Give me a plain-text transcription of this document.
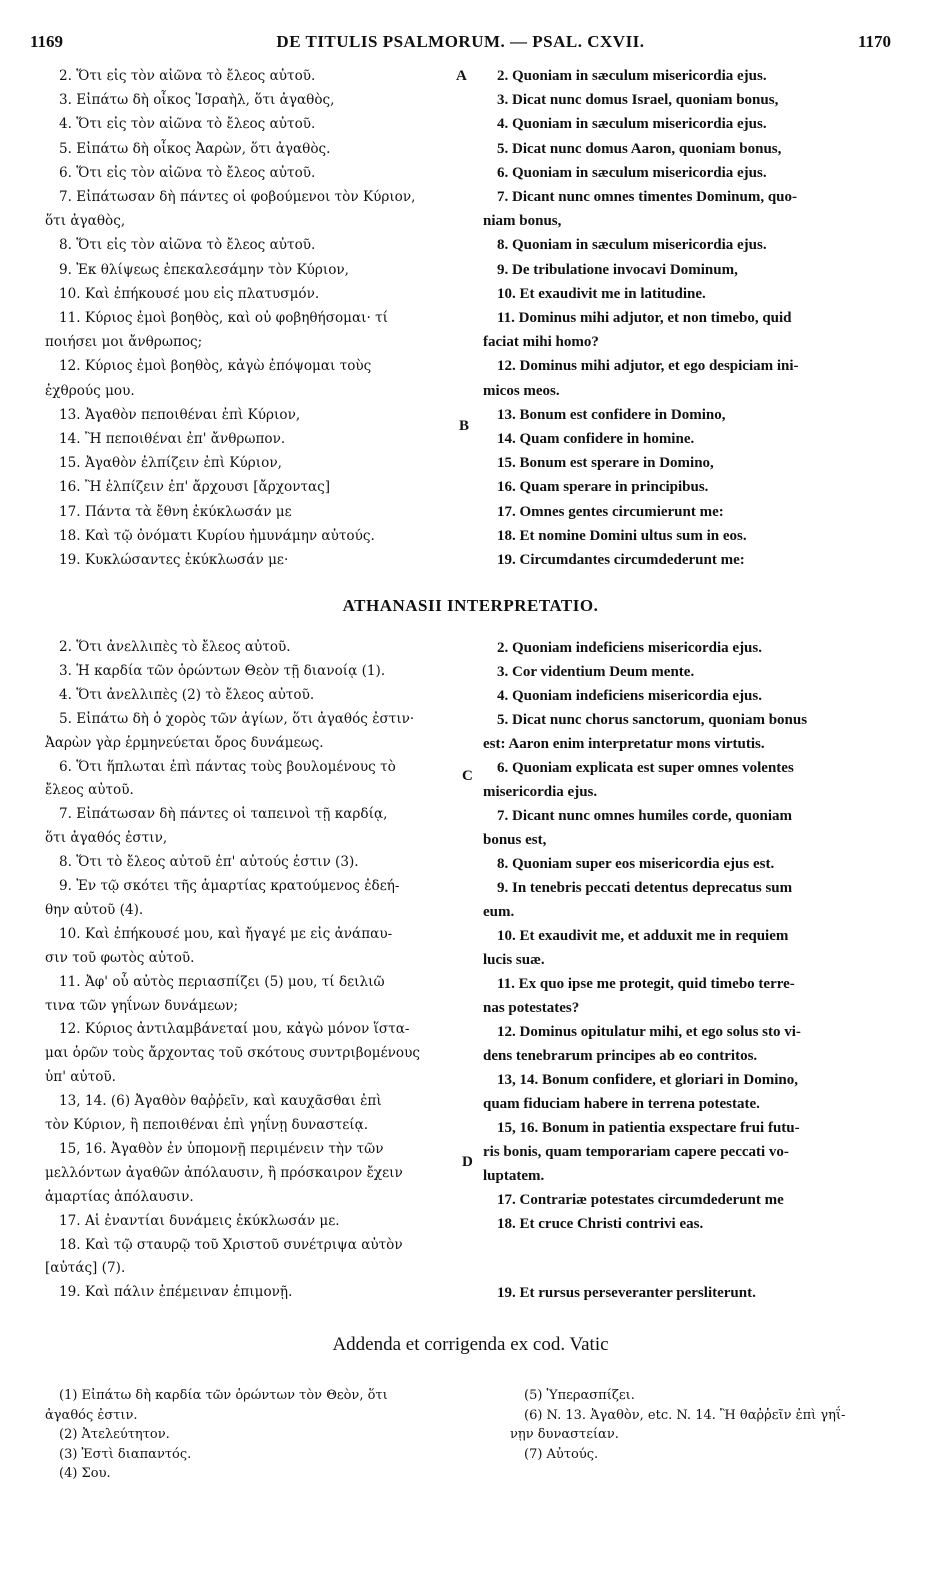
1169	DE TITULIS PSALMORUM. — PSAL. CXVII.	1170
A
B
C
D
2. Ὅτι εἰς τὸν αἰῶνα τὸ ἔλεος αὐτοῦ.
3. Εἰπάτω δὴ οἶκος Ἰσραὴλ, ὅτι ἀγαθὸς,
4. Ὅτι εἰς τὸν αἰῶνα τὸ ἔλεος αὐτοῦ.
5. Εἰπάτω δὴ οἶκος Ἀαρὼν, ὅτι ἀγαθὸς.
6. Ὅτι εἰς τὸν αἰῶνα τὸ ἔλεος αὐτοῦ.
7. Εἰπάτωσαν δὴ πάντες οἱ φοβούμενοι τὸν Κύριον,
ὅτι ἀγαθὸς,
8. Ὅτι εἰς τὸν αἰῶνα τὸ ἔλεος αὐτοῦ.
9. Ἐκ θλίψεως ἐπεκαλεσάμην τὸν Κύριον,
10. Καὶ ἐπήκουσέ μου εἰς πλατυσμόν.
11. Κύριος ἐμοὶ βοηθὸς, καὶ οὐ φοβηθήσομαι· τί
ποιήσει μοι ἄνθρωπος;
12. Κύριος ἐμοὶ βοηθὸς, κἀγὼ ἐπόψομαι τοὺς
ἐχθρούς μου.
13. Ἀγαθὸν πεποιθέναι ἐπὶ Κύριον,
14. Ἢ πεποιθέναι ἐπ' ἄνθρωπον.
15. Ἀγαθὸν ἐλπίζειν ἐπὶ Κύριον,
16. Ἢ ἐλπίζειν ἐπ' ἄρχουσι [ἄρχοντας]
17. Πάντα τὰ ἔθνη ἐκύκλωσάν με
18. Καὶ τῷ ὀνόματι Κυρίου ἠμυνάμην αὐτούς.
19. Κυκλώσαντες ἐκύκλωσάν με·
2. Quoniam in sæculum misericordia ejus.
3. Dicat nunc domus Israel, quoniam bonus,
4. Quoniam in sæculum misericordia ejus.
5. Dicat nunc domus Aaron, quoniam bonus,
6. Quoniam in sæculum misericordia ejus.
7. Dicant nunc omnes timentes Dominum, quo-
niam bonus,
8. Quoniam in sæculum misericordia ejus.
9. De tribulatione invocavi Dominum,
10. Et exaudivit me in latitudine.
11. Dominus mihi adjutor, et non timebo, quid
faciat mihi homo?
12. Dominus mihi adjutor, et ego despiciam ini-
micos meos.
13. Bonum est confidere in Domino,
14. Quam confidere in homine.
15. Bonum est sperare in Domino,
16. Quam sperare in principibus.
17. Omnes gentes circumierunt me:
18. Et nomine Domini ultus sum in eos.
19. Circumdantes circumdederunt me:
ATHANASII INTERPRETATIO.
2. Ὅτι ἀνελλιπὲς τὸ ἔλεος αὐτοῦ.
3. Ἡ καρδία τῶν ὁρώντων Θεὸν τῇ διανοίᾳ (1).
4. Ὅτι ἀνελλιπὲς (2) τὸ ἔλεος αὐτοῦ.
5. Εἰπάτω δὴ ὁ χορὸς τῶν ἁγίων, ὅτι ἀγαθός ἐστιν·
Ἀαρὼν γὰρ ἑρμηνεύεται ὄρος δυνάμεως.
6. Ὅτι ἥπλωται ἐπὶ πάντας τοὺς βουλομένους τὸ
ἔλεος αὐτοῦ.
7. Εἰπάτωσαν δὴ πάντες οἱ ταπεινοὶ τῇ καρδίᾳ,
ὅτι ἀγαθός ἐστιν,
8. Ὅτι τὸ ἔλεος αὐτοῦ ἐπ' αὐτούς ἐστιν (3).
9. Ἐν τῷ σκότει τῆς ἁμαρτίας κρατούμενος ἐδεή-
θην αὐτοῦ (4).
10. Καὶ ἐπήκουσέ μου, καὶ ἤγαγέ με εἰς ἀνάπαυ-
σιν τοῦ φωτὸς αὐτοῦ.
11. Ἀφ' οὗ αὐτὸς περιασπίζει (5) μου, τί δειλιῶ
τινα τῶν γηΐνων δυνάμεων;
12. Κύριος ἀντιλαμβάνεταί μου, κἀγὼ μόνον ἵστα-
μαι ὁρῶν τοὺς ἄρχοντας τοῦ σκότους συντριβομένους
ὑπ' αὐτοῦ.
13, 14. (6) Ἀγαθὸν θαῤῥεῖν, καὶ καυχᾶσθαι ἐπὶ
τὸν Κύριον, ἢ πεποιθέναι ἐπὶ γηΐνῃ δυναστείᾳ.
15, 16. Ἀγαθὸν ἐν ὑπομονῇ περιμένειν τὴν τῶν
μελλόντων ἀγαθῶν ἀπόλαυσιν, ἢ πρόσκαιρον ἔχειν
ἁμαρτίας ἀπόλαυσιν.
17. Αἱ ἐναντίαι δυνάμεις ἐκύκλωσάν με.
18. Καὶ τῷ σταυρῷ τοῦ Χριστοῦ συνέτριψα αὐτὸν
[αὐτάς] (7).
19. Καὶ πάλιν ἐπέμειναν ἐπιμονῇ.
2. Quoniam indeficiens misericordia ejus.
3. Cor videntium Deum mente.
4. Quoniam indeficiens misericordia ejus.
5. Dicat nunc chorus sanctorum, quoniam bonus
est: Aaron enim interpretatur mons virtutis.
6. Quoniam explicata est super omnes volentes
misericordia ejus.
7. Dicant nunc omnes humiles corde, quoniam
bonus est,
8. Quoniam super eos misericordia ejus est.
9. In tenebris peccati detentus deprecatus sum
eum.
10. Et exaudivit me, et adduxit me in requiem
lucis suæ.
11. Ex quo ipse me protegit, quid timebo terre-
nas potestates?
12. Dominus opitulatur mihi, et ego solus sto vi-
dens tenebrarum principes ab eo contritos.
13, 14. Bonum confidere, et gloriari in Domino,
quam fiduciam habere in terrena potestate.
15, 16. Bonum in patientia exspectare frui futu-
ris bonis, quam temporariam capere peccati vo-
luptatem.
17. Contrariæ potestates circumdederunt me
18. Et cruce Christi contrivi eas.
19. Et rursus perseveranter persliterunt.
Addenda et corrigenda ex cod. Vatic
(1) Εἰπάτω δὴ καρδία τῶν ὁρώντων τὸν Θεὸν, ὅτι
ἀγαθός ἐστιν.
(2) Ἀτελεύτητον.
(3) Ἐστὶ διαπαντός.
(4) Σου.
(5) Ὑπερασπίζει.
(6) N. 13. Ἀγαθὸν, etc. N. 14. Ἢ θαῤῥεῖν ἐπὶ γηΐ-
νῃν δυναστείαν.
(7) Αὐτούς.
